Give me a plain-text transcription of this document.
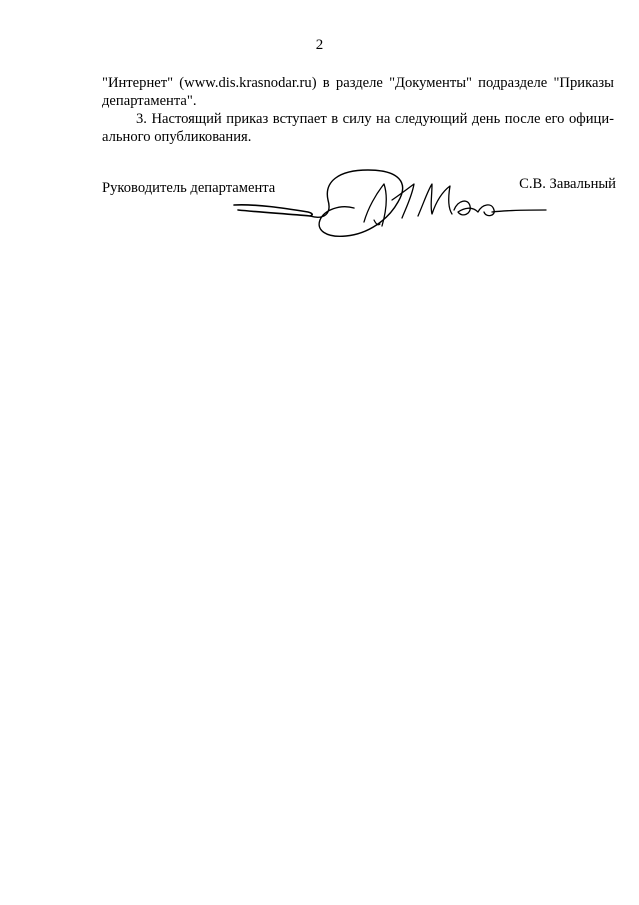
2
"Интернет" (www.dis.krasnodar.ru) в разделе "Документы" подразделе "Приказы
департамента".
3. Настоящий приказ вступает в силу на следующий день после его офици-
ального опубликования.
Руководитель департамента	С.В. Завальный
